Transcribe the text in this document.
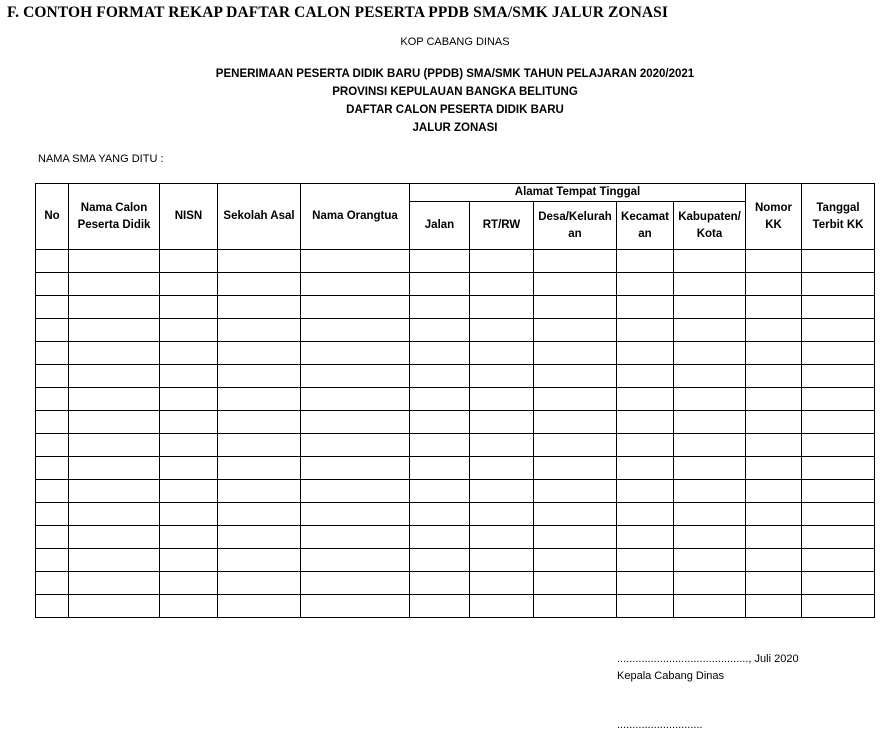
F. CONTOH FORMAT REKAP DAFTAR CALON PESERTA PPDB SMA/SMK JALUR ZONASI
KOP CABANG DINAS
PENERIMAAN PESERTA DIDIK BARU (PPDB) SMA/SMK TAHUN PELAJARAN 2020/2021
PROVINSI KEPULAUAN BANGKA BELITUNG
DAFTAR CALON PESERTA DIDIK BARU
JALUR ZONASI
NAMA SMA YANG DITU :
No	Nama Calon Peserta Didik	NISN	Sekolah Asal	Nama Orangtua	Alamat Tempat Tinggal					Nomor KK	Tanggal Terbit KK
					Jalan	RT/RW	Desa/Kelurah an	Kecamat an	Kabupaten/ Kota		

..........................................., Juli 2020
Kepala Cabang Dinas
............................
